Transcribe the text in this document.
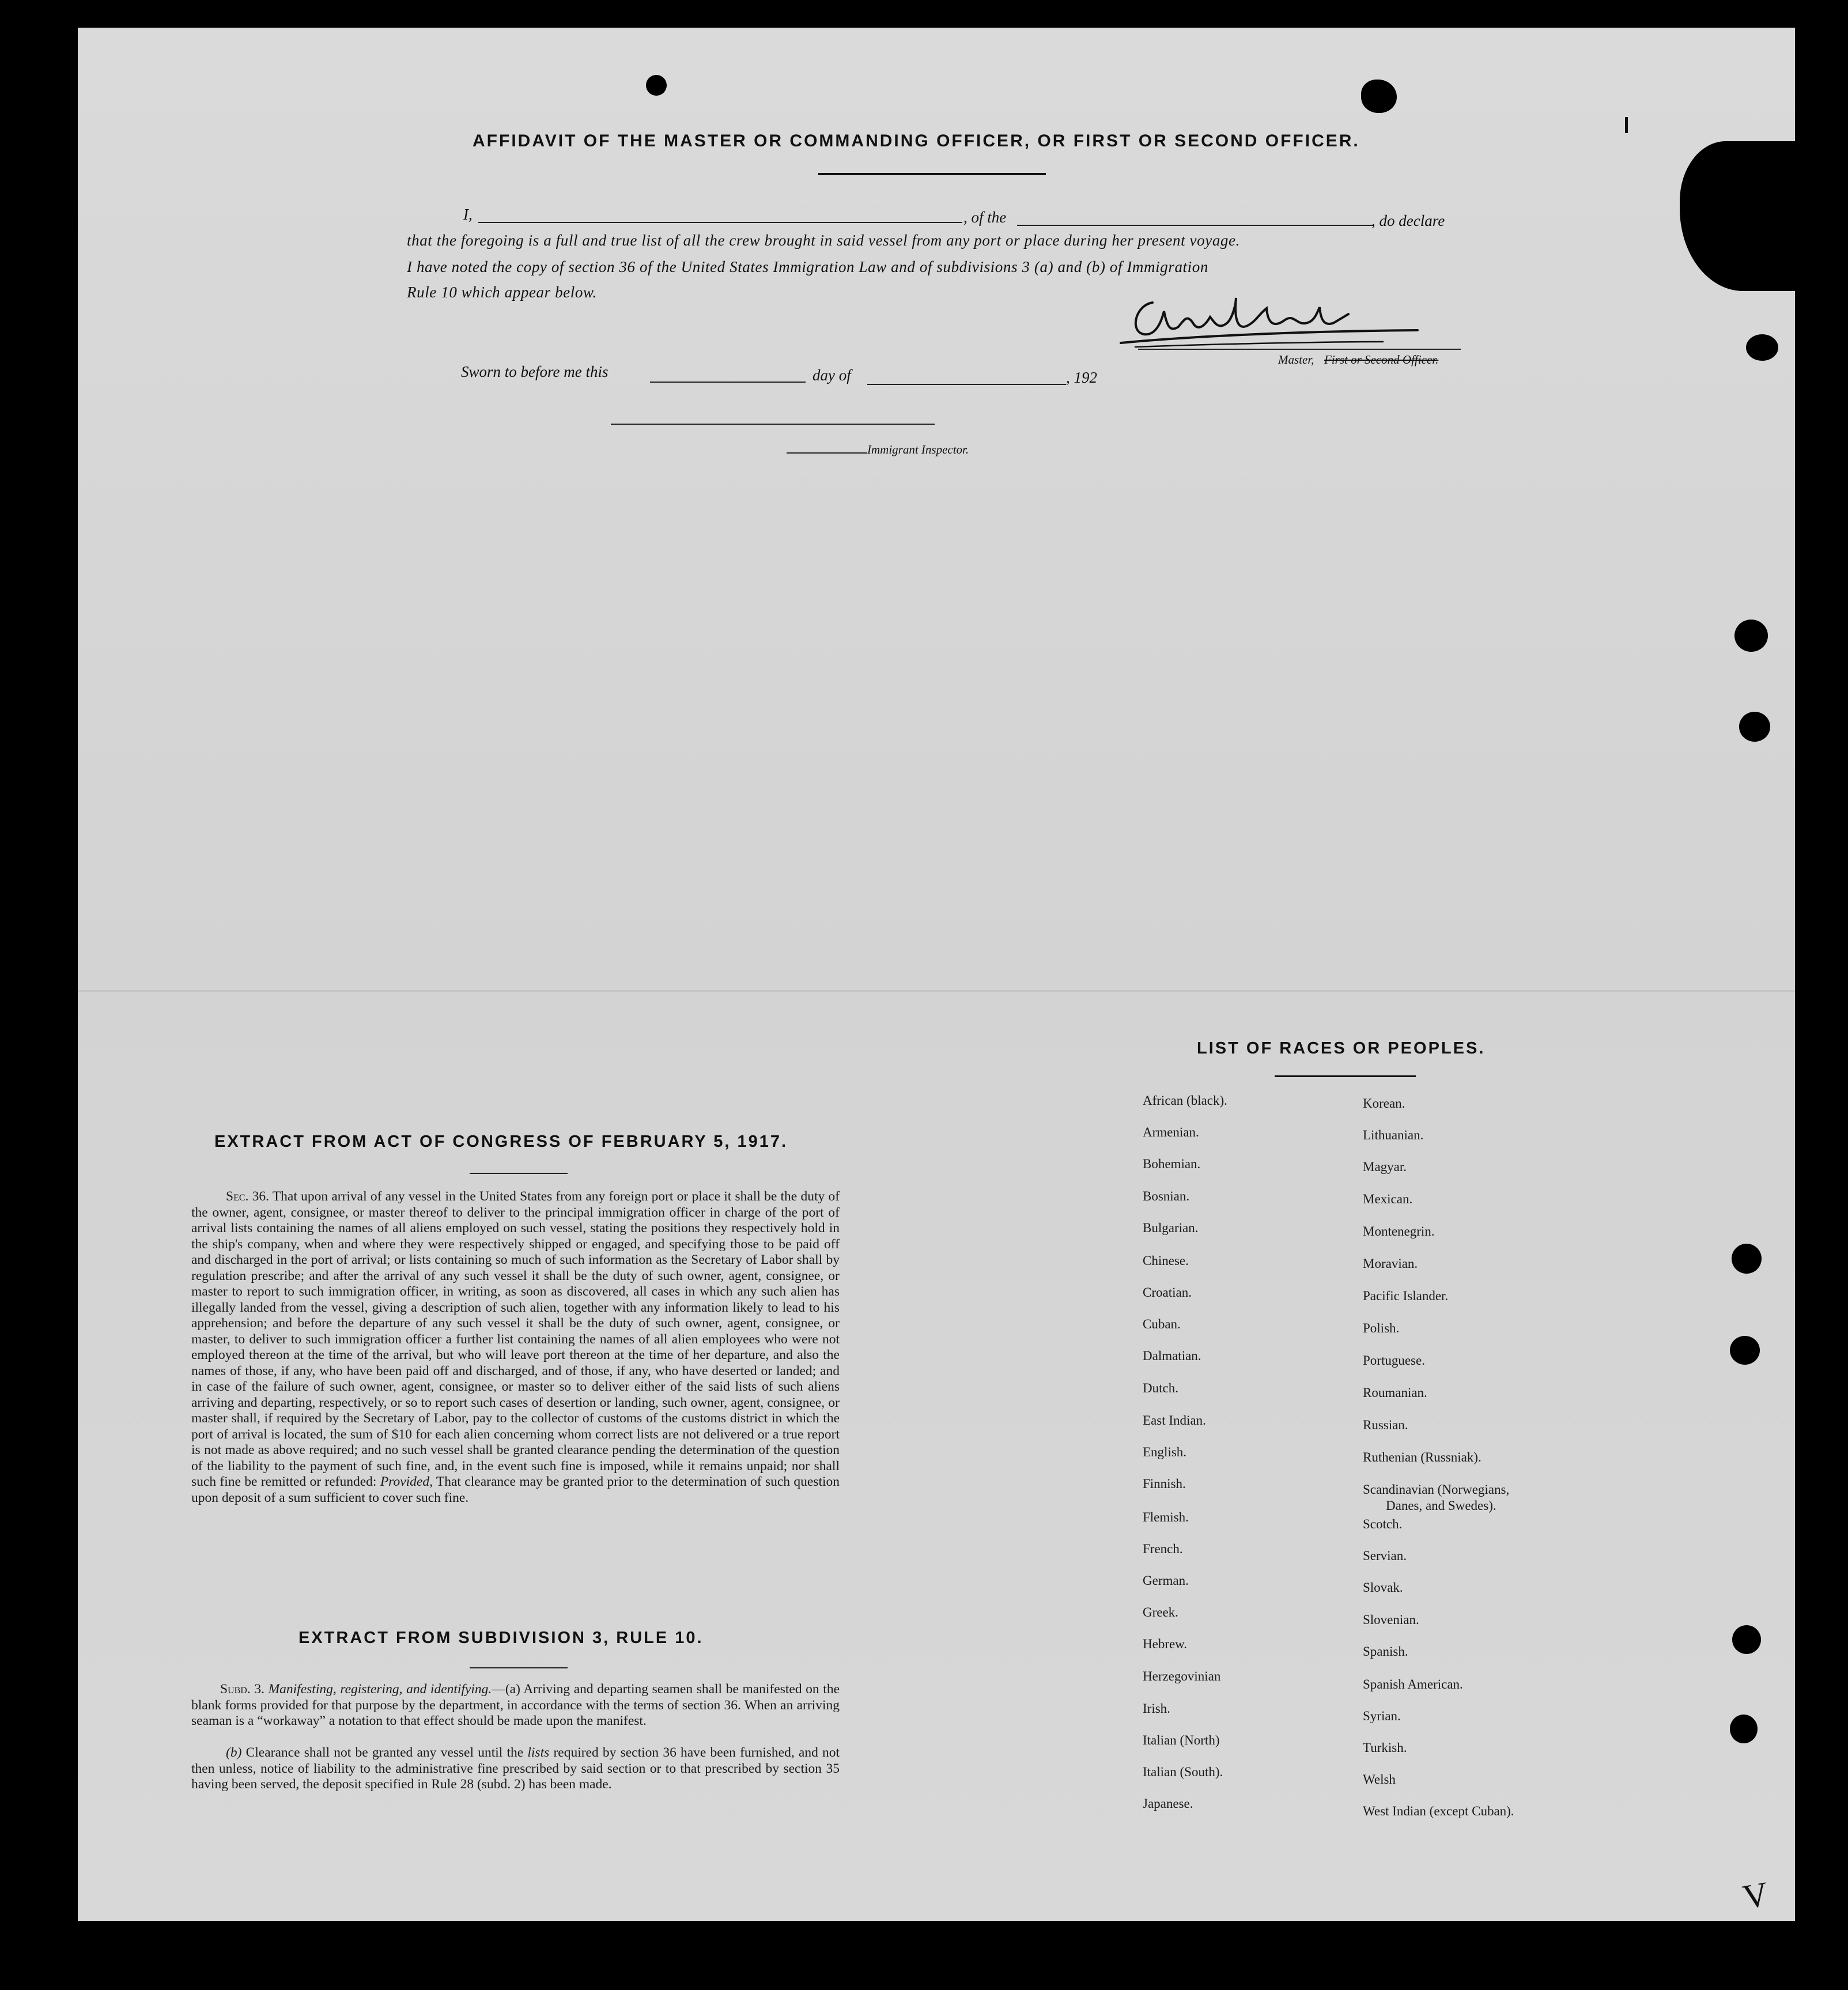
V
AFFIDAVIT OF THE MASTER OR COMMANDING OFFICER, OR FIRST OR SECOND OFFICER.
I,	, of the	, do declare
that the foregoing is a full and true list of all the crew brought in said vessel from any port or place during her present voyage.
I have noted the copy of section 36 of the United States Immigration Law and of subdivisions 3 (a) and (b) of Immigration
Rule 10 which appear below.
Master, First or Second Officer.
Sworn to before me this	day of	, 192
Immigrant Inspector.
EXTRACT FROM ACT OF CONGRESS OF FEBRUARY 5, 1917.
Sec. 36. That upon arrival of any vessel in the United States from any foreign port or place it shall be the duty of the owner, agent, consignee, or master thereof to deliver to the principal immigration officer in charge of the port of arrival lists containing the names of all aliens employed on such vessel, stating the positions they respectively hold in the ship's company, when and where they were respectively shipped or engaged, and specifying those to be paid off and discharged in the port of arrival; or lists containing so much of such information as the Secretary of Labor shall by regulation prescribe; and after the arrival of any such vessel it shall be the duty of such owner, agent, consignee, or master to report to such immigration officer, in writing, as soon as discovered, all cases in which any such alien has illegally landed from the vessel, giving a description of such alien, together with any information likely to lead to his apprehension; and before the departure of any such vessel it shall be the duty of such owner, agent, consignee, or master, to deliver to such immigration officer a further list containing the names of all alien employees who were not employed thereon at the time of the arrival, but who will leave port thereon at the time of her departure, and also the names of those, if any, who have been paid off and discharged, and of those, if any, who have deserted or landed; and in case of the failure of such owner, agent, consignee, or master so to deliver either of the said lists of such aliens arriving and departing, respectively, or so to report such cases of desertion or landing, such owner, agent, consignee, or master shall, if required by the Secretary of Labor, pay to the collector of customs of the customs district in which the port of arrival is located, the sum of $10 for each alien concerning whom correct lists are not delivered or a true report is not made as above required; and no such vessel shall be granted clearance pending the determination of the question of the liability to the payment of such fine, and, in the event such fine is imposed, while it remains unpaid; nor shall such fine be remitted or refunded: Provided, That clearance may be granted prior to the determination of such question upon deposit of a sum sufficient to cover such fine.
EXTRACT FROM SUBDIVISION 3, RULE 10.
Subd. 3. Manifesting, registering, and identifying.—(a) Arriving and departing seamen shall be manifested on the blank forms provided for that purpose by the department, in accordance with the terms of section 36. When an arriving seaman is a “workaway” a notation to that effect should be made upon the manifest.
(b) Clearance shall not be granted any vessel until the lists required by section 36 have been furnished, and not then unless, notice of liability to the administrative fine prescribed by said section or to that prescribed by section 35 having been served, the deposit specified in Rule 28 (subd. 2) has been made.
LIST OF RACES OR PEOPLES.
African (black).
Armenian.
Bohemian.
Bosnian.
Bulgarian.
Chinese.
Croatian.
Cuban.
Dalmatian.
Dutch.
East Indian.
English.
Finnish.
Flemish.
French.
German.
Greek.
Hebrew.
Herzegovinian
Irish.
Italian (North)
Italian (South).
Japanese.
Korean.
Lithuanian.
Magyar.
Mexican.
Montenegrin.
Moravian.
Pacific Islander.
Polish.
Portuguese.
Roumanian.
Russian.
Ruthenian (Russniak).
Scandinavian (Norwegians,
Scotch.
Servian.
Slovak.
Slovenian.
Spanish.
Spanish American.
Syrian.
Turkish.
Welsh
West Indian (except Cuban).
Danes, and Swedes).
